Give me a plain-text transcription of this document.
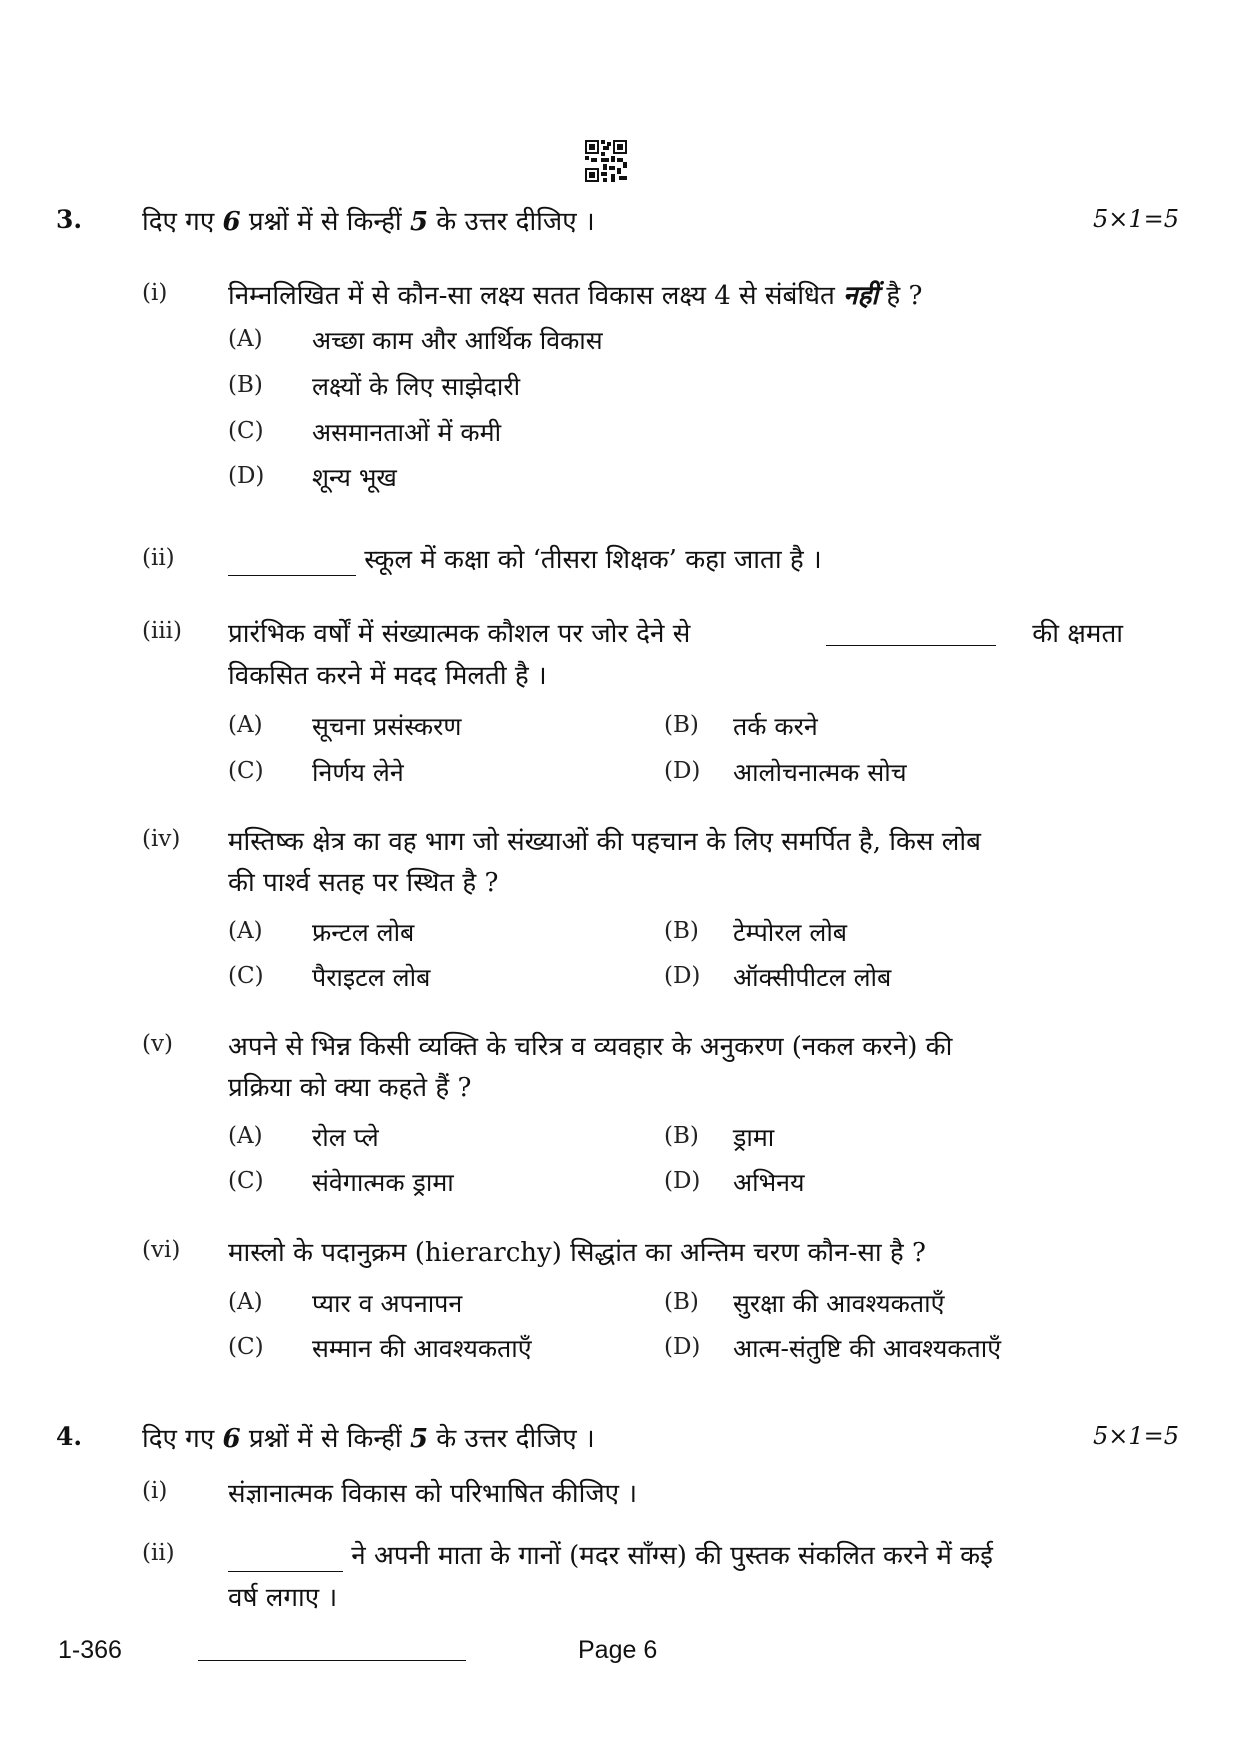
3. दिए गए 6 प्रश्नों में से किन्हीं 5 के उत्तर दीजिए ।	5×1=5
(i) निम्नलिखित में से कौन-सा लक्ष्य सतत विकास लक्ष्य 4 से संबंधित नहीं है ?
(A) अच्छा काम और आर्थिक विकास
(B) लक्ष्यों के लिए साझेदारी
(C) असमानताओं में कमी
(D) शून्य भूख
(ii)	स्कूल में कक्षा को ‘तीसरा शिक्षक’ कहा जाता है ।
(iii) प्रारंभिक वर्षों में संख्यात्मक कौशल पर जोर देने से	की क्षमता
विकसित करने में मदद मिलती है ।
(A) सूचना प्रसंस्करण	(B) तर्क करने
(C) निर्णय लेने	(D) आलोचनात्मक सोच
(iv) मस्तिष्क क्षेत्र का वह भाग जो संख्याओं की पहचान के लिए समर्पित है, किस लोब
की पार्श्व सतह पर स्थित है ?
(A) फ्रन्टल लोब	(B) टेम्पोरल लोब
(C) पैराइटल लोब	(D) ऑक्सीपीटल लोब
(v) अपने से भिन्न किसी व्यक्ति के चरित्र व व्यवहार के अनुकरण (नकल करने) की
प्रक्रिया को क्या कहते हैं ?
(A) रोल प्ले	(B) ड्रामा
(C) संवेगात्मक ड्रामा	(D) अभिनय
(vi) मास्लो के पदानुक्रम (hierarchy) सिद्धांत का अन्तिम चरण कौन-सा है ?
(A) प्यार व अपनापन	(B) सुरक्षा की आवश्यकताएँ
(C) सम्मान की आवश्यकताएँ	(D) आत्म-संतुष्टि की आवश्यकताएँ
4. दिए गए 6 प्रश्नों में से किन्हीं 5 के उत्तर दीजिए ।	5×1=5
(i) संज्ञानात्मक विकास को परिभाषित कीजिए ।
(ii)	ने अपनी माता के गानों (मदर साँग्स) की पुस्तक संकलित करने में कई
वर्ष लगाए ।
1-366	Page 6
